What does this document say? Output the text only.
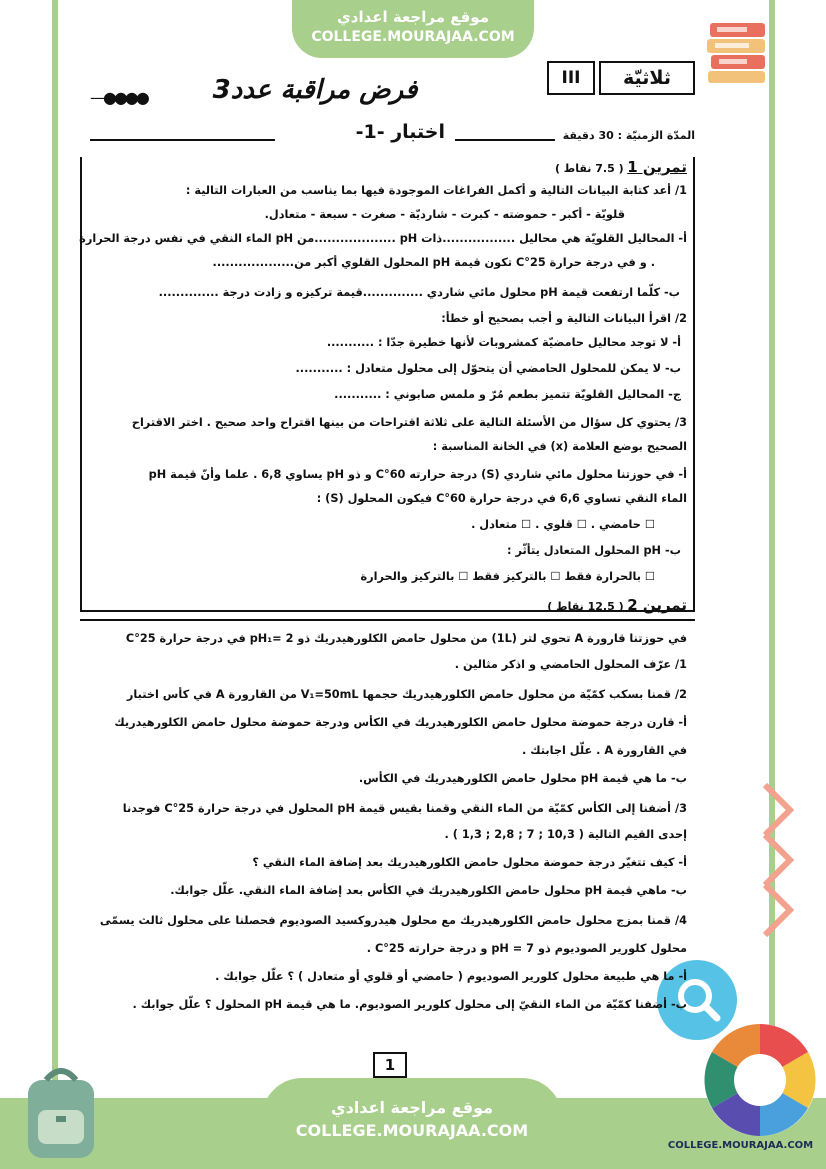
موقع مراجعة اعدادي
COLLEGE.MOURAJAA.COM
موقع مراجعة اعدادي
COLLEGE.MOURAJAA.COM
COLLEGE.MOURAJAA.COM
ثلاثيّة
III
—●●●●	فرض مراقبة عدد3
المدّة الزمنيّة : 30 دقيقة
اختبار -1-
تمرين 1 ( 7.5 نقاط )
1/ أعد كتابة البيانات التالية و أكمل الفراغات الموجودة فيها بما يناسب من العبارات التالية :
قلويّة - أكبر - حموضته - كبرت - شارديّة - صغرت - سبعة - متعادل.
أ- المحاليل القلويّة هي محاليل .................ذات pH ...................من pH الماء النقي في نفس درجة الحرارة
. و في درجة حرارة 25°C تكون قيمة pH المحلول القلوي أكبر من...................
ب- كلّما ارتفعت قيمة pH محلول مائي شاردي ..............قيمة تركيزه و زادت درجة ..............
2/ اقرأ البيانات التالية و أجب بصحيح أو خطأ:
أ- لا توجد محاليل حامضيّة كمشروبات لأنها خطيرة جدّا : ...........
ب- لا يمكن للمحلول الحامضي أن يتحوّل إلى محلول متعادل : ...........
ج- المحاليل القلويّة تتميز بطعم مُرّ و ملمس صابوني : ...........
3/ يحتوي كل سؤال من الأسئلة التالية على ثلاثة اقتراحات من بينها اقتراح واحد صحيح . اختر الاقتراح
الصحيح بوضع العلامة (x) في الخانة المناسبة :
أ- في حوزتنا محلول مائي شاردي (S) درجة حرارته 60°C و ذو pH يساوي 6,8 . علما وأنّ قيمة pH
الماء النقي تساوي 6,6 في درجة حرارة 60°C فيكون المحلول (S) :
☐ حامضي . ☐ قلوي . ☐ متعادل .
ب- pH المحلول المتعادل يتأثّر :
☐ بالحرارة فقط ☐ بالتركيز فقط ☐ بالتركيز والحرارة
تمرين 2 ( 12.5 نقاط )
في حوزتنا قارورة A تحوي لتر (1L) من محلول حامض الكلورهيدريك ذو pH₁= 2 في درجة حرارة 25°C
1/ عرّف المحلول الحامضي و اذكر مثالين .
2/ قمنا بسكب كمّيّة من محلول حامض الكلورهيدريك حجمها V₁=50mL من القارورة A في كأس اختبار
أ- قارن درجة حموضة محلول حامض الكلورهيدريك في الكأس ودرجة حموضة محلول حامض الكلورهيدريك
في القارورة A . علّل اجابتك .
ب- ما هي قيمة pH محلول حامض الكلورهيدريك في الكأس.
3/ أضفنا إلى الكأس كمّيّة من الماء النقي وقمنا بقيس قيمة pH المحلول في درجة حرارة 25°C فوجدنا
إحدى القيم التالية ( 10,3 ; 7 ; 2,8 ; 1,3 ) .
أ- كيف تتغيّر درجة حموضة محلول حامض الكلورهيدريك بعد إضافة الماء النقي ؟
ب- ماهي قيمة pH محلول حامض الكلورهيدريك في الكأس بعد إضافة الماء النقي. علّل جوابك.
4/ قمنا بمزج محلول حامض الكلورهيدريك مع محلول هيدروكسيد الصوديوم فحصلنا على محلول ثالث يسمّى
محلول كلورير الصوديوم ذو pH = 7 و درجة حرارته 25°C .
أ- ما هي طبيعة محلول كلورير الصوديوم ( حامضي أو قلوي أو متعادل ) ؟ علّل جوابك .
ب- أضفنا كمّيّة من الماء النقيّ إلى محلول كلورير الصوديوم. ما هي قيمة pH المحلول ؟ علّل جوابك .
1
